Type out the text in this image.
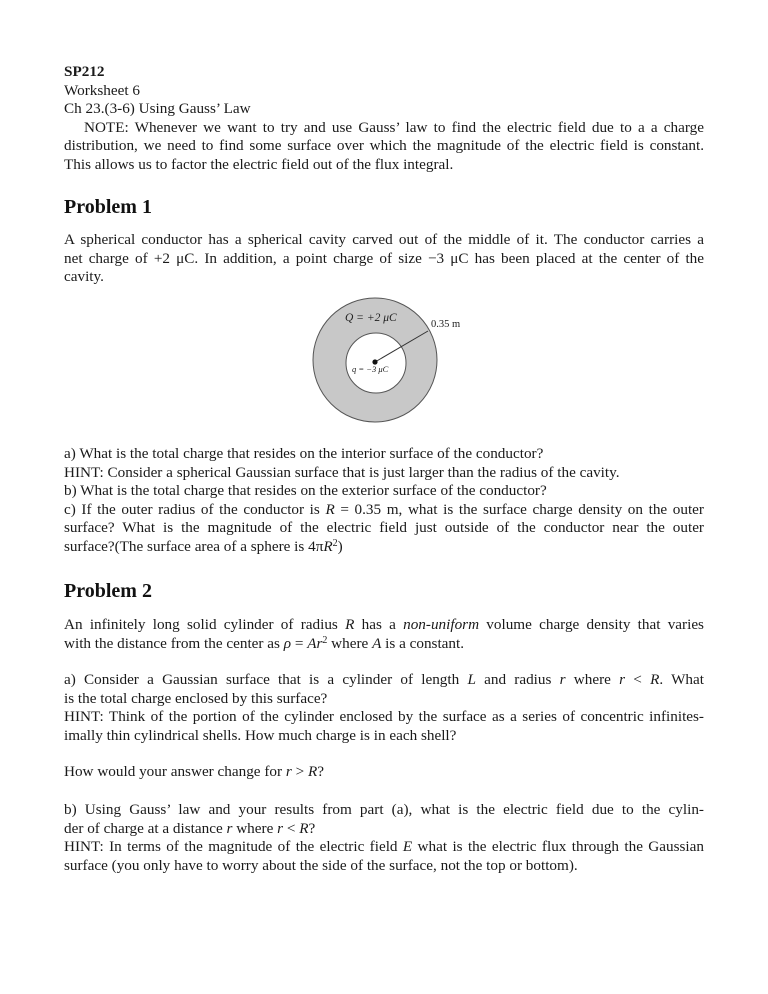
SP212
Worksheet 6
Ch 23.(3-6) Using Gauss’ Law
NOTE: Whenever we want to try and use Gauss’ law to find the electric field due to a a charge
distribution, we need to find some surface over which the magnitude of the electric field is constant.
This allows us to factor the electric field out of the flux integral.
Problem 1
A spherical conductor has a spherical cavity carved out of the middle of it. The conductor carries a
net charge of +2 μC. In addition, a point charge of size −3 μC has been placed at the center of the
cavity.
Q = +2 μC
0.35 m
q = −3 μC
a) What is the total charge that resides on the interior surface of the conductor?
HINT: Consider a spherical Gaussian surface that is just larger than the radius of the cavity.
b) What is the total charge that resides on the exterior surface of the conductor?
c) If the outer radius of the conductor is R = 0.35 m, what is the surface charge density on the outer
surface? What is the magnitude of the electric field just outside of the conductor near the outer
surface?(The surface area of a sphere is $4\pi R^2$)
Problem 2
An infinitely long solid cylinder of radius R has a non-uniform volume charge density that varies
with the distance from the center as $\rho = Ar^2$ where A is a constant.
a) Consider a Gaussian surface that is a cylinder of length L and radius r where r < R. What
is the total charge enclosed by this surface?
HINT: Think of the portion of the cylinder enclosed by the surface as a series of concentric infinites-
imally thin cylindrical shells. How much charge is in each shell?
How would your answer change for r > R?
b) Using Gauss’ law and your results from part (a), what is the electric field due to the cylin-
der of charge at a distance r where r < R?
HINT: In terms of the magnitude of the electric field E what is the electric flux through the Gaussian
surface (you only have to worry about the side of the surface, not the top or bottom).
